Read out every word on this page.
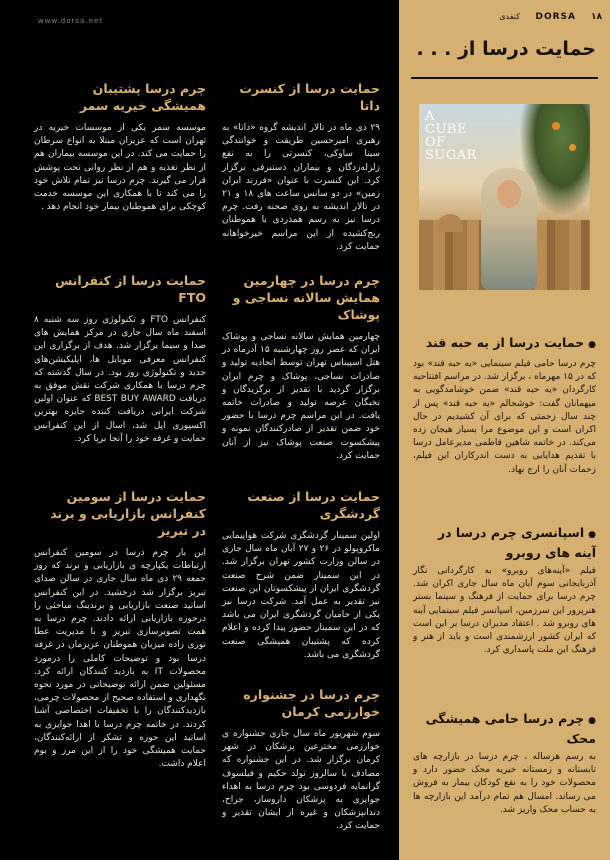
۱۸
DORSA
کنفدی
حمایت درسا از . . .
A
CUBE
OF
SUGAR
●حمایت درسا از یه حبه قند

چرم درسا حامی فیلم سینمایی «یه حبه قند» بود که در ۱۵ مهرماه ، برگزار شد. در مراسم افتتاحیه کارگردان «یه حبه قند» ضمن خوشامدگویی به میهمانان گفت: خوشحالم «یه حبه قند» پس از چند سال زحمتی که برای آن کشیدیم در حال اکران است و این موضوع مرا بسیار هیجان زده می‌کند. در خاتمه شاهین فاطمی مدیرعامل درسا با تقدیم هدایایی به دست اندرکاران این فیلم، زحمات آنان را ارج نهاد.

●اسپانسری چرم درسا در آینه های روبرو

فیلم «آینه‌های روبرو» به کارگردانی نگار آذربایجانی سوم آبان ماه سال جاری اکران شد. چرم درسا برای حمایت از فرهنگ و سینما بستر هنرپرور این سرزمین، اسپانسر فیلم سینمایی آینه های روبرو شد . اعتقاد مدیران درسا بر این است که ایران کشور ارزشمندی است و باید از هنر و فرهنگ این ملت پاسداری کرد.

●چرم درسا حامی همیشگی محک

به رسم هرساله ، چرم درسا در بازارچه های تابستانه و زمستانه خیریه محک حضور دارد و محصولات خود را به نفع کودکان بیمار به فروش می رساند. امسال هم تمام درآمد این بازارچه ها به حساب محک واریز شد.

www.dorsa.net
حمایت درسا از کنسرت داتا

۲۹ دی ماه در تالار اندیشه گروه «داتا» به رهبری امیرحسین طریقت و خوانندگی سینا ساوکی، کنسرتی را به نفع زلزله‌زدگان و بیماران دستبرقی برگزار کرد. این کنسرت با عنوان «فرزند ایران زمین» در دو سانس ساعت های ۱۸ و ۲۱ در تالار اندیشه به روی صحنه رفت. چرم درسا نیز به رسم همدردی با هموطنان رنج‌کشیده از این مراسم خیرخواهانه حمایت کرد.

چرم درسا در چهارمین همایش سالانه نساجی و پوشاک

چهارمین همایش سالانه نساجی و پوشاک ایران که عصر روز چهارشنبه ۱۵ آذرماه در هتل اسپیناس تهران توسط اتحادیه تولید و صادرات نساجی، پوشاک و چرم ایران برگزار گردید با تقدیر از برگزیدگان و نخبگان عرصه تولید و صادرات خاتمه یافت. در این مراسم چرم درسا با حضور خود ضمن تقدیر از صادرکنندگان نمونه و پیشکسوت صنعت پوشاک نیز از آنان حمایت کرد.

حمایت درسا از صنعت گردشگری

اولین سمینار گردشگری شرکت هواپیمایی ماکروپولو در ۲۶ و ۲۷ آبان ماه سال جاری در سالن وزارت کشور تهران برگزار شد. در این سمینار ضمن شرح صنعت گردشگری ایران از پیشکسوتان این صنعت نیز تقدیر به عمل آمد. شرکت درسا نیز یکی از حامیان گردشگری ایران می باشد که در این سمینار حضور پیدا کرده و اعلام کرده که پشتیبان همیشگی صنعت گردشگری می باشد.

چرم درسا در جشنواره خوارزمی کرمان

سوم شهریور ماه سال جاری جشنواره ی خوارزمی مخترعین پزشکان در شهر کرمان برگزار شد. در این جشنواره که مصادف با سالروز تولد حکیم و فیلسوف گرانمایه فردوسی بود چرم درسا به اهداء جوایزی به پزشکان داروساز، جراح، دندانپزشکان و غیره از ایشان تقدیر و حمایت کرد.

چرم درسا پشتیبان همیشگی خیریه سمر

موسسه سمر یکی از موسسات خیریه در تهران است که عزیزان مبتلا به انواع سرطان را حمایت می کند. در این موسسه بیماران هم از نظر تغذیه و هم از نظر روانی تحت پوشش قرار می گیرند. چرم درسا نیز تمام تلاش خود را می کند تا با همکاری این موسسه خدمت کوچکی برای هموطنان بیمار خود انجام دهد .

حمایت درسا از کنفرانس FTO

کنفرانس FTO و تکنولوژی روز سه شنبه ۸ اسفند ماه سال جاری در مرکز همایش های صدا و سیما برگزار شد. هدف از برگزاری این کنفرانس معرفی موبایل ها، اپلیکیشن‌های جدید و تکنولوژی روز بود. در سال گذشته که چرم درسا با همکاری شرکت نقش موفق به دریافت BEST BUY AWARD که عنوان اولین شرکت ایرانی دریافت کننده جایزه بهترین اکسپوری اپل شد، اسال از این کنفرانس حمایت و غرفه خود را آنجا برپا کرد.

حمایت درسا از سومین کنفرانس بازاریابی و برند در تبریز

این بار چرم درسا در سومین کنفرانس ارتباطات یکپارچه ی بازاریابی و برند که روز جمعه ۲۹ دی ماه سال جاری در سالن صدای تبریز برگزار شد درخشید. در این کنفرانس اساتید صنعت بازاریابی و برندینگ مباحثی را درحوزه بازاریابی ارائه دادند. چرم درسا به همت تصویرسازی تبریز و با مدیریت عطا نوری زاده میزبان هموطنان عزیزمان در غرفه درسا بود و توضیحات کاملی را درمورد محصولات IT به بازدید کنندگان ارائه کرد. مسئولین ضمن ارائه توضیحاتی در مورد نحوه نگهداری و استفاده صحیح از محصولات چرمی، بازدیدکنندگان را با تخفیفات اختصاصی آشنا کردند. در خاتمه چرم درسا با اهدا جوایزی به اساتید این حوزه و تشکر از ارائه‌کنندگان، حمایت همیشگی خود را از این مرز و بوم اعلام داشت.
